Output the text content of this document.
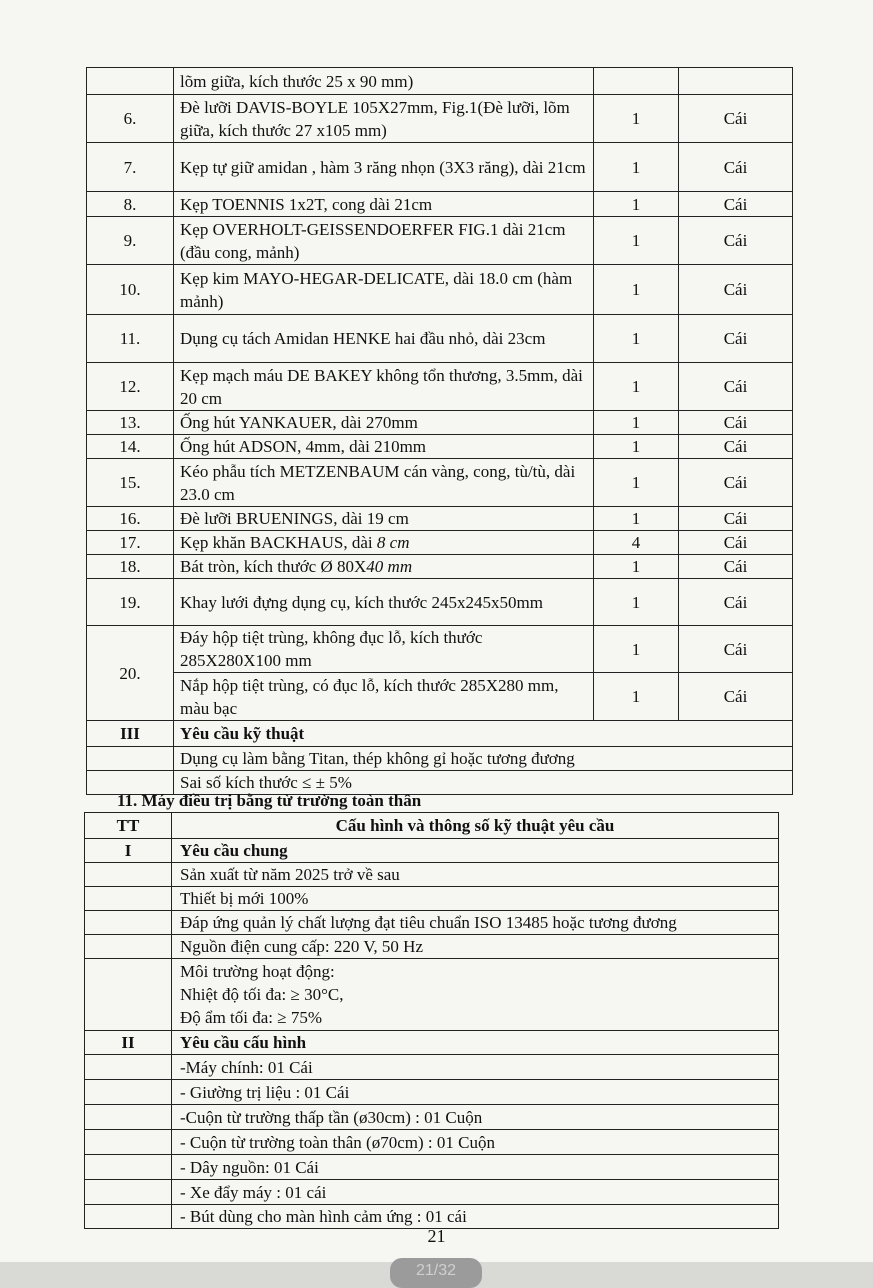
	lõm giữa, kích thước 25 x 90 mm)		
6.	Đè lưỡi DAVIS-BOYLE 105X27mm, Fig.1(Đè lưỡi, lõm giữa, kích thước 27 x105 mm)	1	Cái
7.	Kẹp tự giữ amidan , hàm 3 răng nhọn (3X3 răng), dài 21cm	1	Cái
8.	Kẹp TOENNIS 1x2T, cong dài 21cm	1	Cái
9.	Kẹp OVERHOLT-GEISSENDOERFER FIG.1 dài 21cm (đầu cong, mảnh)	1	Cái
10.	Kẹp kim MAYO-HEGAR-DELICATE, dài 18.0 cm (hàm mảnh)	1	Cái
11.	Dụng cụ tách Amidan HENKE hai đầu nhỏ, dài 23cm	1	Cái
12.	Kẹp mạch máu DE BAKEY không tổn thương, 3.5mm, dài 20 cm	1	Cái
13.	Ống hút YANKAUER, dài 270mm	1	Cái
14.	Ống hút ADSON, 4mm, dài 210mm	1	Cái
15.	Kéo phẫu tích METZENBAUM cán vàng, cong, tù/tù, dài 23.0 cm	1	Cái
16.	Đè lưỡi BRUENINGS, dài 19 cm	1	Cái
17.	Kẹp khăn BACKHAUS, dài 8 cm	4	Cái
18.	Bát tròn, kích thước Ø 80X40 mm	1	Cái
19.	Khay lưới đựng dụng cụ, kích thước 245x245x50mm	1	Cái
20.	Đáy hộp tiệt trùng, không đục lỗ, kích thước 285X280X100 mm	1	Cái
	Nắp hộp tiệt trùng, có đục lỗ, kích thước 285X280 mm, màu bạc	1	Cái
III	Yêu cầu kỹ thuật		
	Dụng cụ làm bằng Titan, thép không gỉ hoặc tương đương		
	Sai số kích thước ≤ ± 5%		
11. Máy điều trị bằng từ trường toàn thân
TT	Cấu hình và thông số kỹ thuật yêu cầu
I	Yêu cầu chung
	Sản xuất từ năm 2025 trở về sau
	Thiết bị mới 100%
	Đáp ứng quản lý chất lượng đạt tiêu chuẩn ISO 13485 hoặc tương đương
	Nguồn điện cung cấp: 220 V, 50 Hz

	Môi trường hoạt động:
Nhiệt độ tối đa: ≥ 30°C,
Độ ẩm tối đa: ≥ 75%

II	Yêu cầu cấu hình
	-Máy chính: 01 Cái
	- Giường trị liệu : 01 Cái
	-Cuộn từ trường thấp tần (ø30cm) : 01 Cuộn
	- Cuộn từ trường toàn thân (ø70cm) : 01 Cuộn
	- Dây nguồn: 01 Cái
	- Xe đẩy máy : 01 cái
	- Bút dùng cho màn hình cảm ứng : 01 cái
21
21/32
